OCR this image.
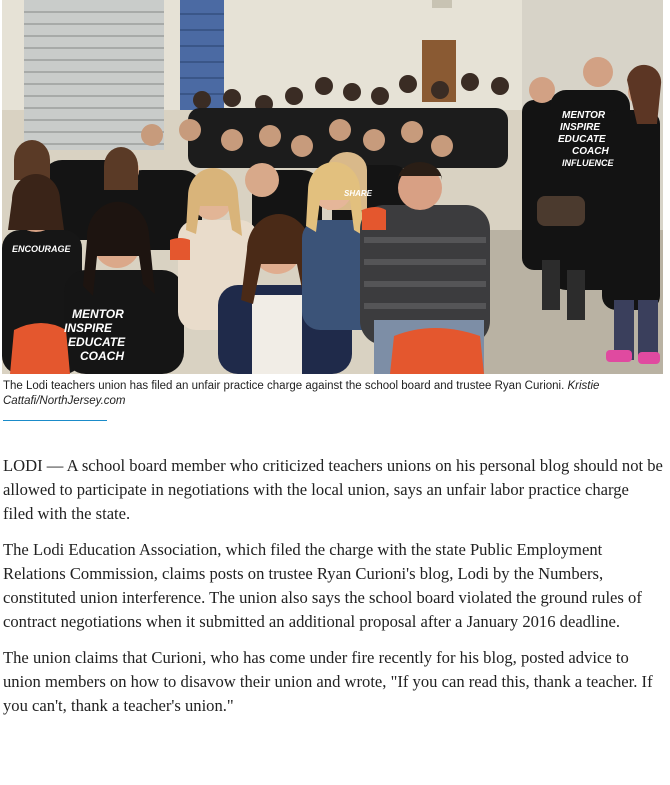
MENTOR
INSPIRE
EDUCATE
COACH
MENTOR
INSPIRE
EDUCATE
COACH
INFLUENCE
SHARE
ENCOURAGE
The Lodi teachers union has filed an unfair practice charge against the school board and trustee Ryan Curioni. Kristie Cattafi/NorthJersey.com

LODI — A school board member who criticized teachers unions on his personal blog should not be allowed to participate in negotiations with the local union, says an unfair labor practice charge filed with the state.

The Lodi Education Association, which filed the charge with the state Public Employment Relations Commission, claims posts on trustee Ryan Curioni's blog, Lodi by the Numbers, constituted union interference. The union also says the school board violated the ground rules of contract negotiations when it submitted an additional proposal after a January 2016 deadline.

The union claims that Curioni, who has come under fire recently for his blog, posted advice to union members on how to disavow their union and wrote, "If you can read this, thank a teacher. If you can't, thank a teacher's union."
